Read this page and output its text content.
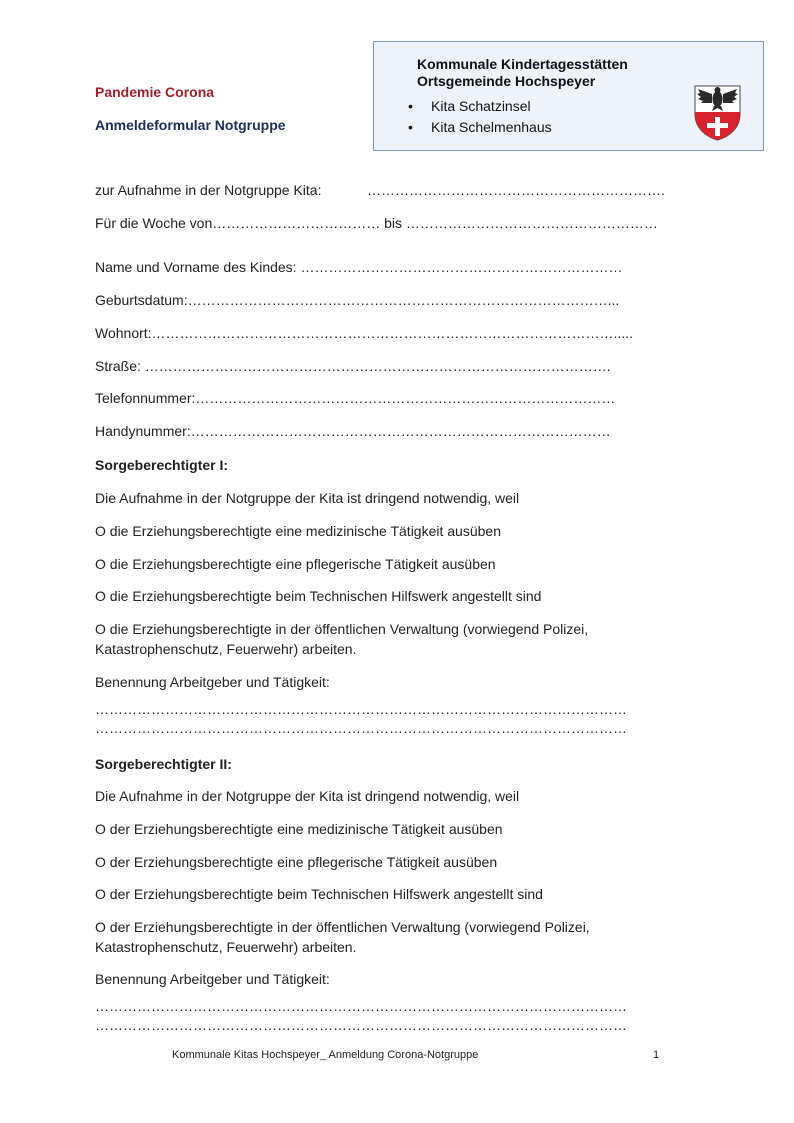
Pandemie Corona
Anmeldeformular Notgruppe
Kommunale Kindertagesstätten
Ortsgemeinde Hochspeyer
• Kita Schatzinsel
• Kita Schelmenhaus
zur Aufnahme in der Notgruppe Kita:	……………………………………………………….
Für die Woche von……………………………… bis ………………………………………………
Name und Vorname des Kindes: ……………………………………………………………
Geburtsdatum:………………………………………………………………………………...
Wohnort:……………………………………………………………………………………….....
Straße: ……………………………………………………………………………………….
Telefonnummer:………………………………………………………………………………
Handynummer:………………………………………………………………………………
Sorgeberechtigter I:
Die Aufnahme in der Notgruppe der Kita ist dringend notwendig, weil
O die Erziehungsberechtigte eine medizinische Tätigkeit ausüben
O die Erziehungsberechtigte eine pflegerische Tätigkeit ausüben
O die Erziehungsberechtigte beim Technischen Hilfswerk angestellt sind
O die Erziehungsberechtigte in der öffentlichen Verwaltung (vorwiegend Polizei,
Katastrophenschutz, Feuerwehr) arbeiten.
Benennung Arbeitgeber und Tätigkeit:
……………………………………………………………………………………………………
……………………………………………………………………………………………………
Sorgeberechtigter II:
Die Aufnahme in der Notgruppe der Kita ist dringend notwendig, weil
O der Erziehungsberechtigte eine medizinische Tätigkeit ausüben
O der Erziehungsberechtigte eine pflegerische Tätigkeit ausüben
O der Erziehungsberechtigte beim Technischen Hilfswerk angestellt sind
O der Erziehungsberechtigte in der öffentlichen Verwaltung (vorwiegend Polizei,
Katastrophenschutz, Feuerwehr) arbeiten.
Benennung Arbeitgeber und Tätigkeit:
……………………………………………………………………………………………………
……………………………………………………………………………………………………
Kommunale Kitas Hochspeyer_ Anmeldung Corona-Notgruppe	1
